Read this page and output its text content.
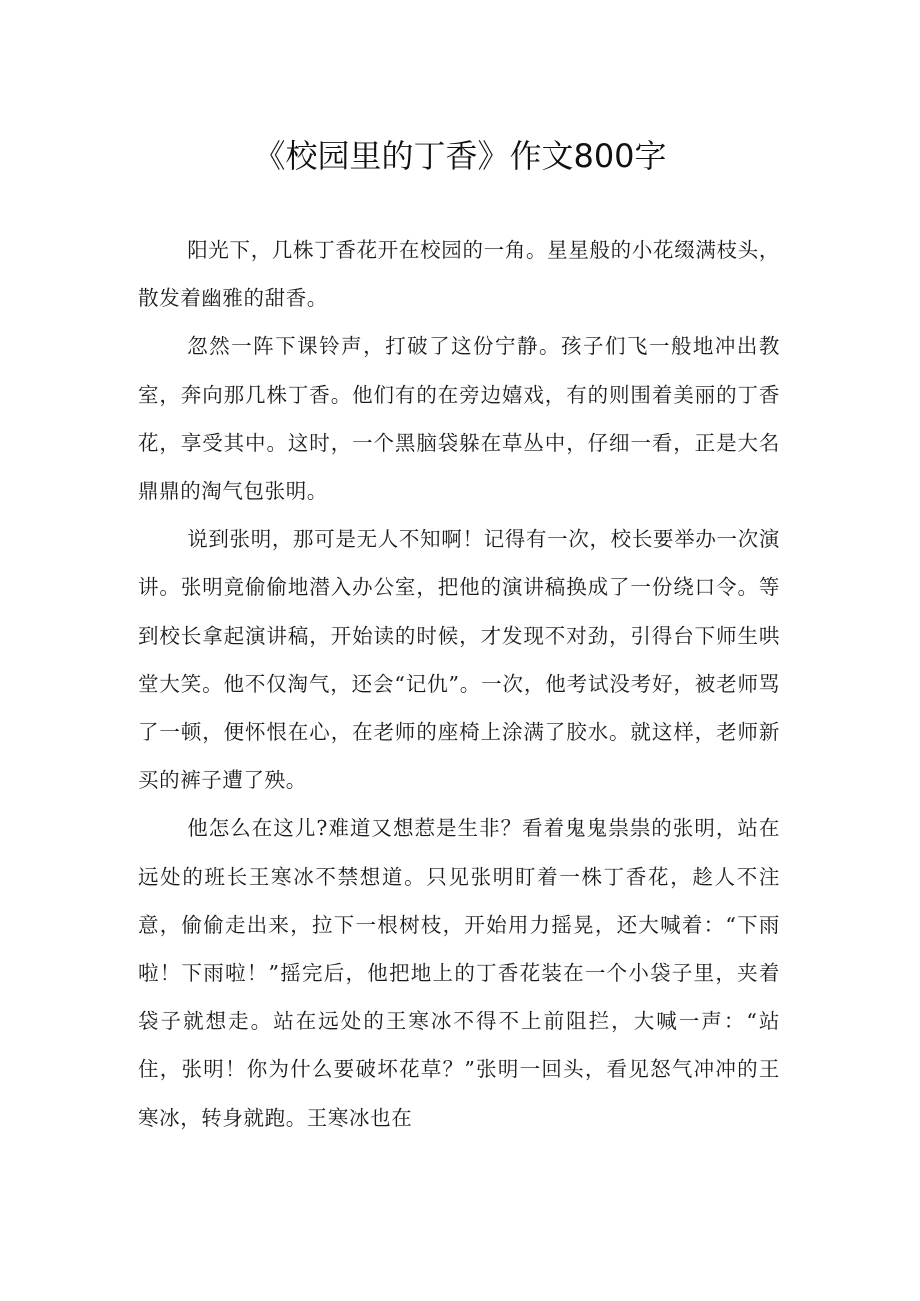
《校园里的丁香》作文800字

阳光下，几株丁香花开在校园的一角。星星般的小花缀满枝头，散发着幽雅的甜香。

忽然一阵下课铃声，打破了这份宁静。孩子们飞一般地冲出教室，奔向那几株丁香。他们有的在旁边嬉戏，有的则围着美丽的丁香花，享受其中。这时，一个黑脑袋躲在草丛中，仔细一看，正是大名鼎鼎的淘气包张明。

说到张明，那可是无人不知啊！记得有一次，校长要举办一次演讲。张明竟偷偷地潜入办公室，把他的演讲稿换成了一份绕口令。等到校长拿起演讲稿，开始读的时候，才发现不对劲，引得台下师生哄堂大笑。他不仅淘气，还会“记仇”。一次，他考试没考好，被老师骂了一顿，便怀恨在心，在老师的座椅上涂满了胶水。就这样，老师新买的裤子遭了殃。

他怎么在这儿?难道又想惹是生非？看着鬼鬼祟祟的张明，站在远处的班长王寒冰不禁想道。只见张明盯着一株丁香花，趁人不注意，偷偷走出来，拉下一根树枝，开始用力摇晃，还大喊着：“下雨啦！下雨啦！”摇完后，他把地上的丁香花装在一个小袋子里，夹着袋子就想走。站在远处的王寒冰不得不上前阻拦，大喊一声：“站住，张明！你为什么要破坏花草？”张明一回头，看见怒气冲冲的王寒冰，转身就跑。王寒冰也在
